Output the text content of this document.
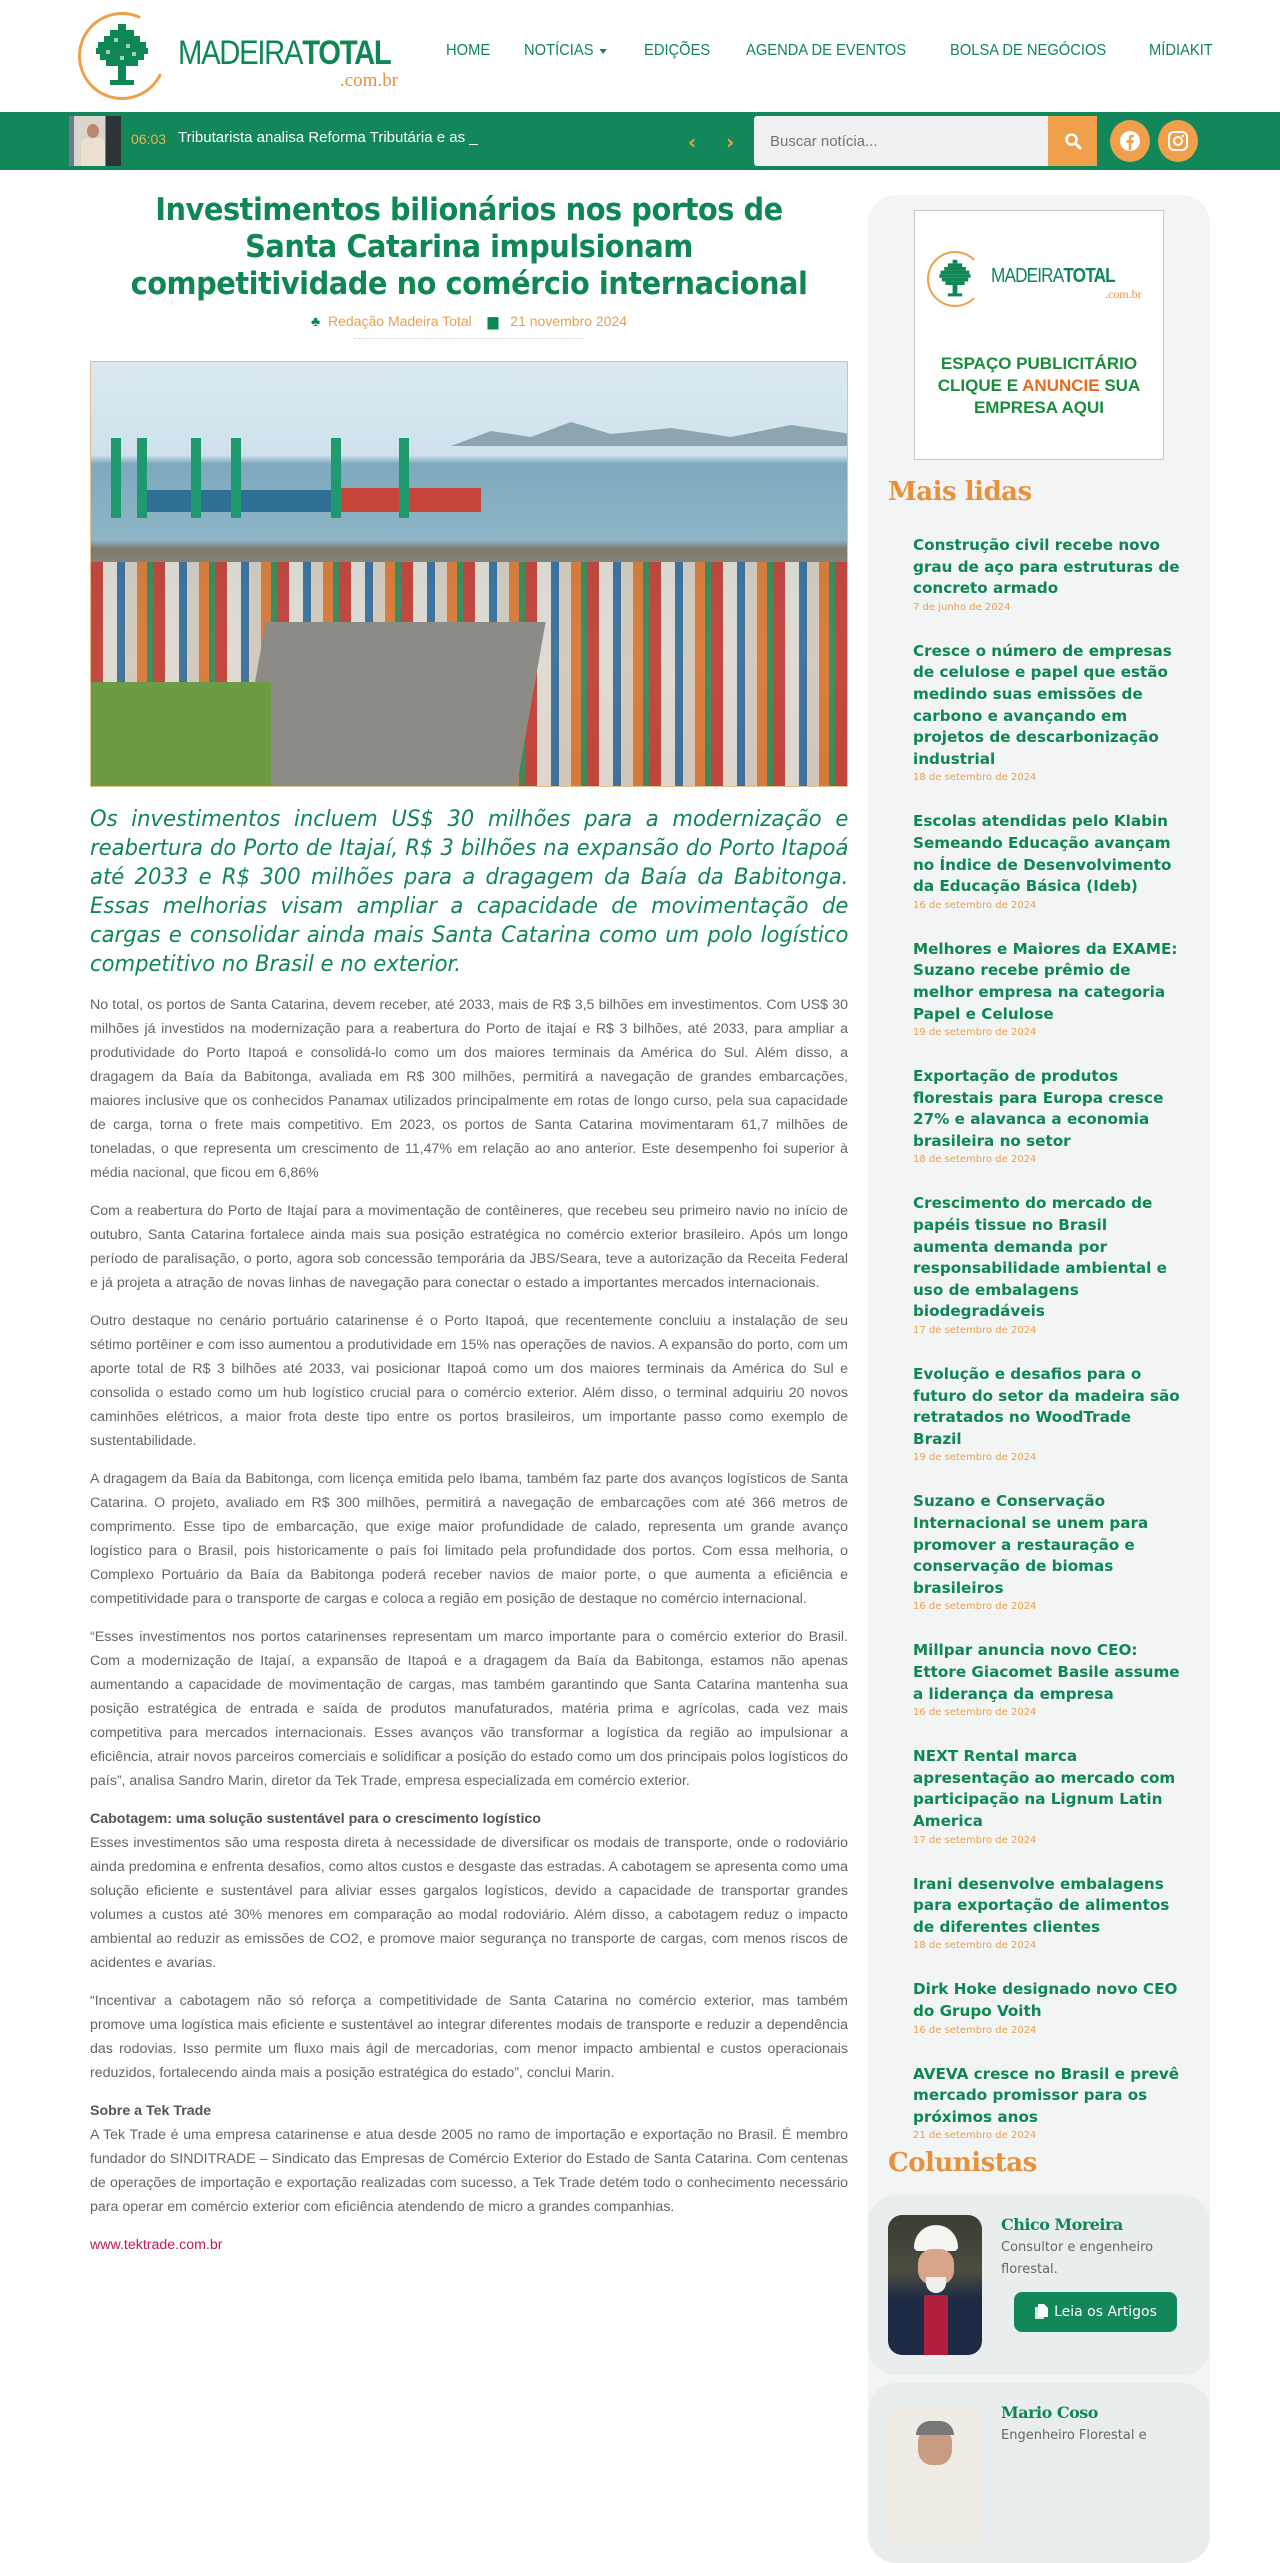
MADEIRATOTAL
.com.br
HOME NOTÍCIAS	EDIÇÕES AGENDA DE EVENTOS	BOLSA DE NEGÓCIOS	MÍDIAKIT
06:03 Tributarista analisa Reforma Tributária e as _	‹ ›
Buscar notícia...
Investimentos bilionários nos portos de Santa Catarina impulsionam competitividade no comércio internacional
♣ Redação Madeira Total ▆ 21 novembro 2024

Os investimentos incluem US$ 30 milhões para a modernização e reabertura do Porto de Itajaí, R$ 3 bilhões na expansão do Porto Itapoá até 2033 e R$ 300 milhões para a dragagem da Baía da Babitonga. Essas melhorias visam ampliar a capacidade de movimentação de cargas e consolidar ainda mais Santa Catarina como um polo logístico competitivo no Brasil e no exterior.

No total, os portos de Santa Catarina, devem receber, até 2033, mais de R$ 3,5 bilhões em investimentos. Com US$ 30 milhões já investidos na modernização para a reabertura do Porto de itajaí e R$ 3 bilhões, até 2033, para ampliar a produtividade do Porto Itapoá e consolidá-lo como um dos maiores terminais da América do Sul. Além disso, a dragagem da Baía da Babitonga, avaliada em R$ 300 milhões, permitirá a navegação de grandes embarcações, maiores inclusive que os conhecidos Panamax utilizados principalmente em rotas de longo curso, pela sua capacidade de carga, torna o frete mais competitivo. Em 2023, os portos de Santa Catarina movimentaram 61,7 milhões de toneladas, o que representa um crescimento de 11,47% em relação ao ano anterior. Este desempenho foi superior à média nacional, que ficou em 6,86%

Com a reabertura do Porto de Itajaí para a movimentação de contêineres, que recebeu seu primeiro navio no início de outubro, Santa Catarina fortalece ainda mais sua posição estratégica no comércio exterior brasileiro. Após um longo período de paralisação, o porto, agora sob concessão temporária da JBS/Seara, teve a autorização da Receita Federal e já projeta a atração de novas linhas de navegação para conectar o estado a importantes mercados internacionais.

Outro destaque no cenário portuário catarinense é o Porto Itapoá, que recentemente concluiu a instalação de seu sétimo portêiner e com isso aumentou a produtividade em 15% nas operações de navios. A expansão do porto, com um aporte total de R$ 3 bilhões até 2033, vai posicionar Itapoá como um dos maiores terminais da América do Sul e consolida o estado como um hub logístico crucial para o comércio exterior. Além disso, o terminal adquiriu 20 novos caminhões elétricos, a maior frota deste tipo entre os portos brasileiros, um importante passo como exemplo de sustentabilidade.

A dragagem da Baía da Babitonga, com licença emitida pelo Ibama, também faz parte dos avanços logísticos de Santa Catarina. O projeto, avaliado em R$ 300 milhões, permitirá a navegação de embarcações com até 366 metros de comprimento. Esse tipo de embarcação, que exige maior profundidade de calado, representa um grande avanço logístico para o Brasil, pois historicamente o país foi limitado pela profundidade dos portos. Com essa melhoria, o Complexo Portuário da Baía da Babitonga poderá receber navios de maior porte, o que aumenta a eficiência e competitividade para o transporte de cargas e coloca a região em posição de destaque no comércio internacional.

“Esses investimentos nos portos catarinenses representam um marco importante para o comércio exterior do Brasil. Com a modernização de Itajaí, a expansão de Itapoá e a dragagem da Baía da Babitonga, estamos não apenas aumentando a capacidade de movimentação de cargas, mas também garantindo que Santa Catarina mantenha sua posição estratégica de entrada e saída de produtos manufaturados, matéria prima e agrícolas, cada vez mais competitiva para mercados internacionais. Esses avanços vão transformar a logística da região ao impulsionar a eficiência, atrair novos parceiros comerciais e solidificar a posição do estado como um dos principais polos logísticos do país”, analisa Sandro Marin, diretor da Tek Trade, empresa especializada em comércio exterior.

Cabotagem: uma solução sustentável para o crescimento logístico
Esses investimentos são uma resposta direta à necessidade de diversificar os modais de transporte, onde o rodoviário ainda predomina e enfrenta desafios, como altos custos e desgaste das estradas. A cabotagem se apresenta como uma solução eficiente e sustentável para aliviar esses gargalos logísticos, devido a capacidade de transportar grandes volumes a custos até 30% menores em comparação ao modal rodoviário. Além disso, a cabotagem reduz o impacto ambiental ao reduzir as emissões de CO2, e promove maior segurança no transporte de cargas, com menos riscos de acidentes e avarias.

“Incentivar a cabotagem não só reforça a competitividade de Santa Catarina no comércio exterior, mas também promove uma logística mais eficiente e sustentável ao integrar diferentes modais de transporte e reduzir a dependência das rodovias. Isso permite um fluxo mais ágil de mercadorias, com menor impacto ambiental e custos operacionais reduzidos, fortalecendo ainda mais a posição estratégica do estado”, conclui Marin.

Sobre a Tek Trade
A Tek Trade é uma empresa catarinense e atua desde 2005 no ramo de importação e exportação no Brasil. É membro fundador do SINDITRADE – Sindicato das Empresas de Comércio Exterior do Estado de Santa Catarina. Com centenas de operações de importação e exportação realizadas com sucesso, a Tek Trade detém todo o conhecimento necessário para operar em comércio exterior com eficiência atendendo de micro a grandes companhias.

www.tektrade.com.br

MADEIRATOTAL
.com.br
ESPAÇO PUBLICITÁRIO
CLIQUE E ANUNCIE SUA
EMPRESA AQUI
Mais lidas
Construção civil recebe novo grau de aço para estruturas de concreto armado
7 de junho de 2024
Cresce o número de empresas de celulose e papel que estão medindo suas emissões de carbono e avançando em projetos de descarbonização industrial
18 de setembro de 2024
Escolas atendidas pelo Klabin Semeando Educação avançam no Índice de Desenvolvimento da Educação Básica (Ideb)
16 de setembro de 2024
Melhores e Maiores da EXAME: Suzano recebe prêmio de melhor empresa na categoria Papel e Celulose
19 de setembro de 2024
Exportação de produtos florestais para Europa cresce 27% e alavanca a economia brasileira no setor
18 de setembro de 2024
Crescimento do mercado de papéis tissue no Brasil aumenta demanda por responsabilidade ambiental e uso de embalagens biodegradáveis
17 de setembro de 2024
Evolução e desafios para o futuro do setor da madeira são retratados no WoodTrade Brazil
19 de setembro de 2024
Suzano e Conservação Internacional se unem para promover a restauração e conservação de biomas brasileiros
16 de setembro de 2024
Millpar anuncia novo CEO: Ettore Giacomet Basile assume a liderança da empresa
16 de setembro de 2024
NEXT Rental marca apresentação ao mercado com participação na Lignum Latin America
17 de setembro de 2024
Irani desenvolve embalagens para exportação de alimentos de diferentes clientes
18 de setembro de 2024
Dirk Hoke designado novo CEO do Grupo Voith
16 de setembro de 2024
AVEVA cresce no Brasil e prevê mercado promissor para os próximos anos
21 de setembro de 2024
Colunistas
Chico Moreira
Consultor e engenheiro florestal.
Leia os Artigos
Mario Coso
Engenheiro Florestal e
